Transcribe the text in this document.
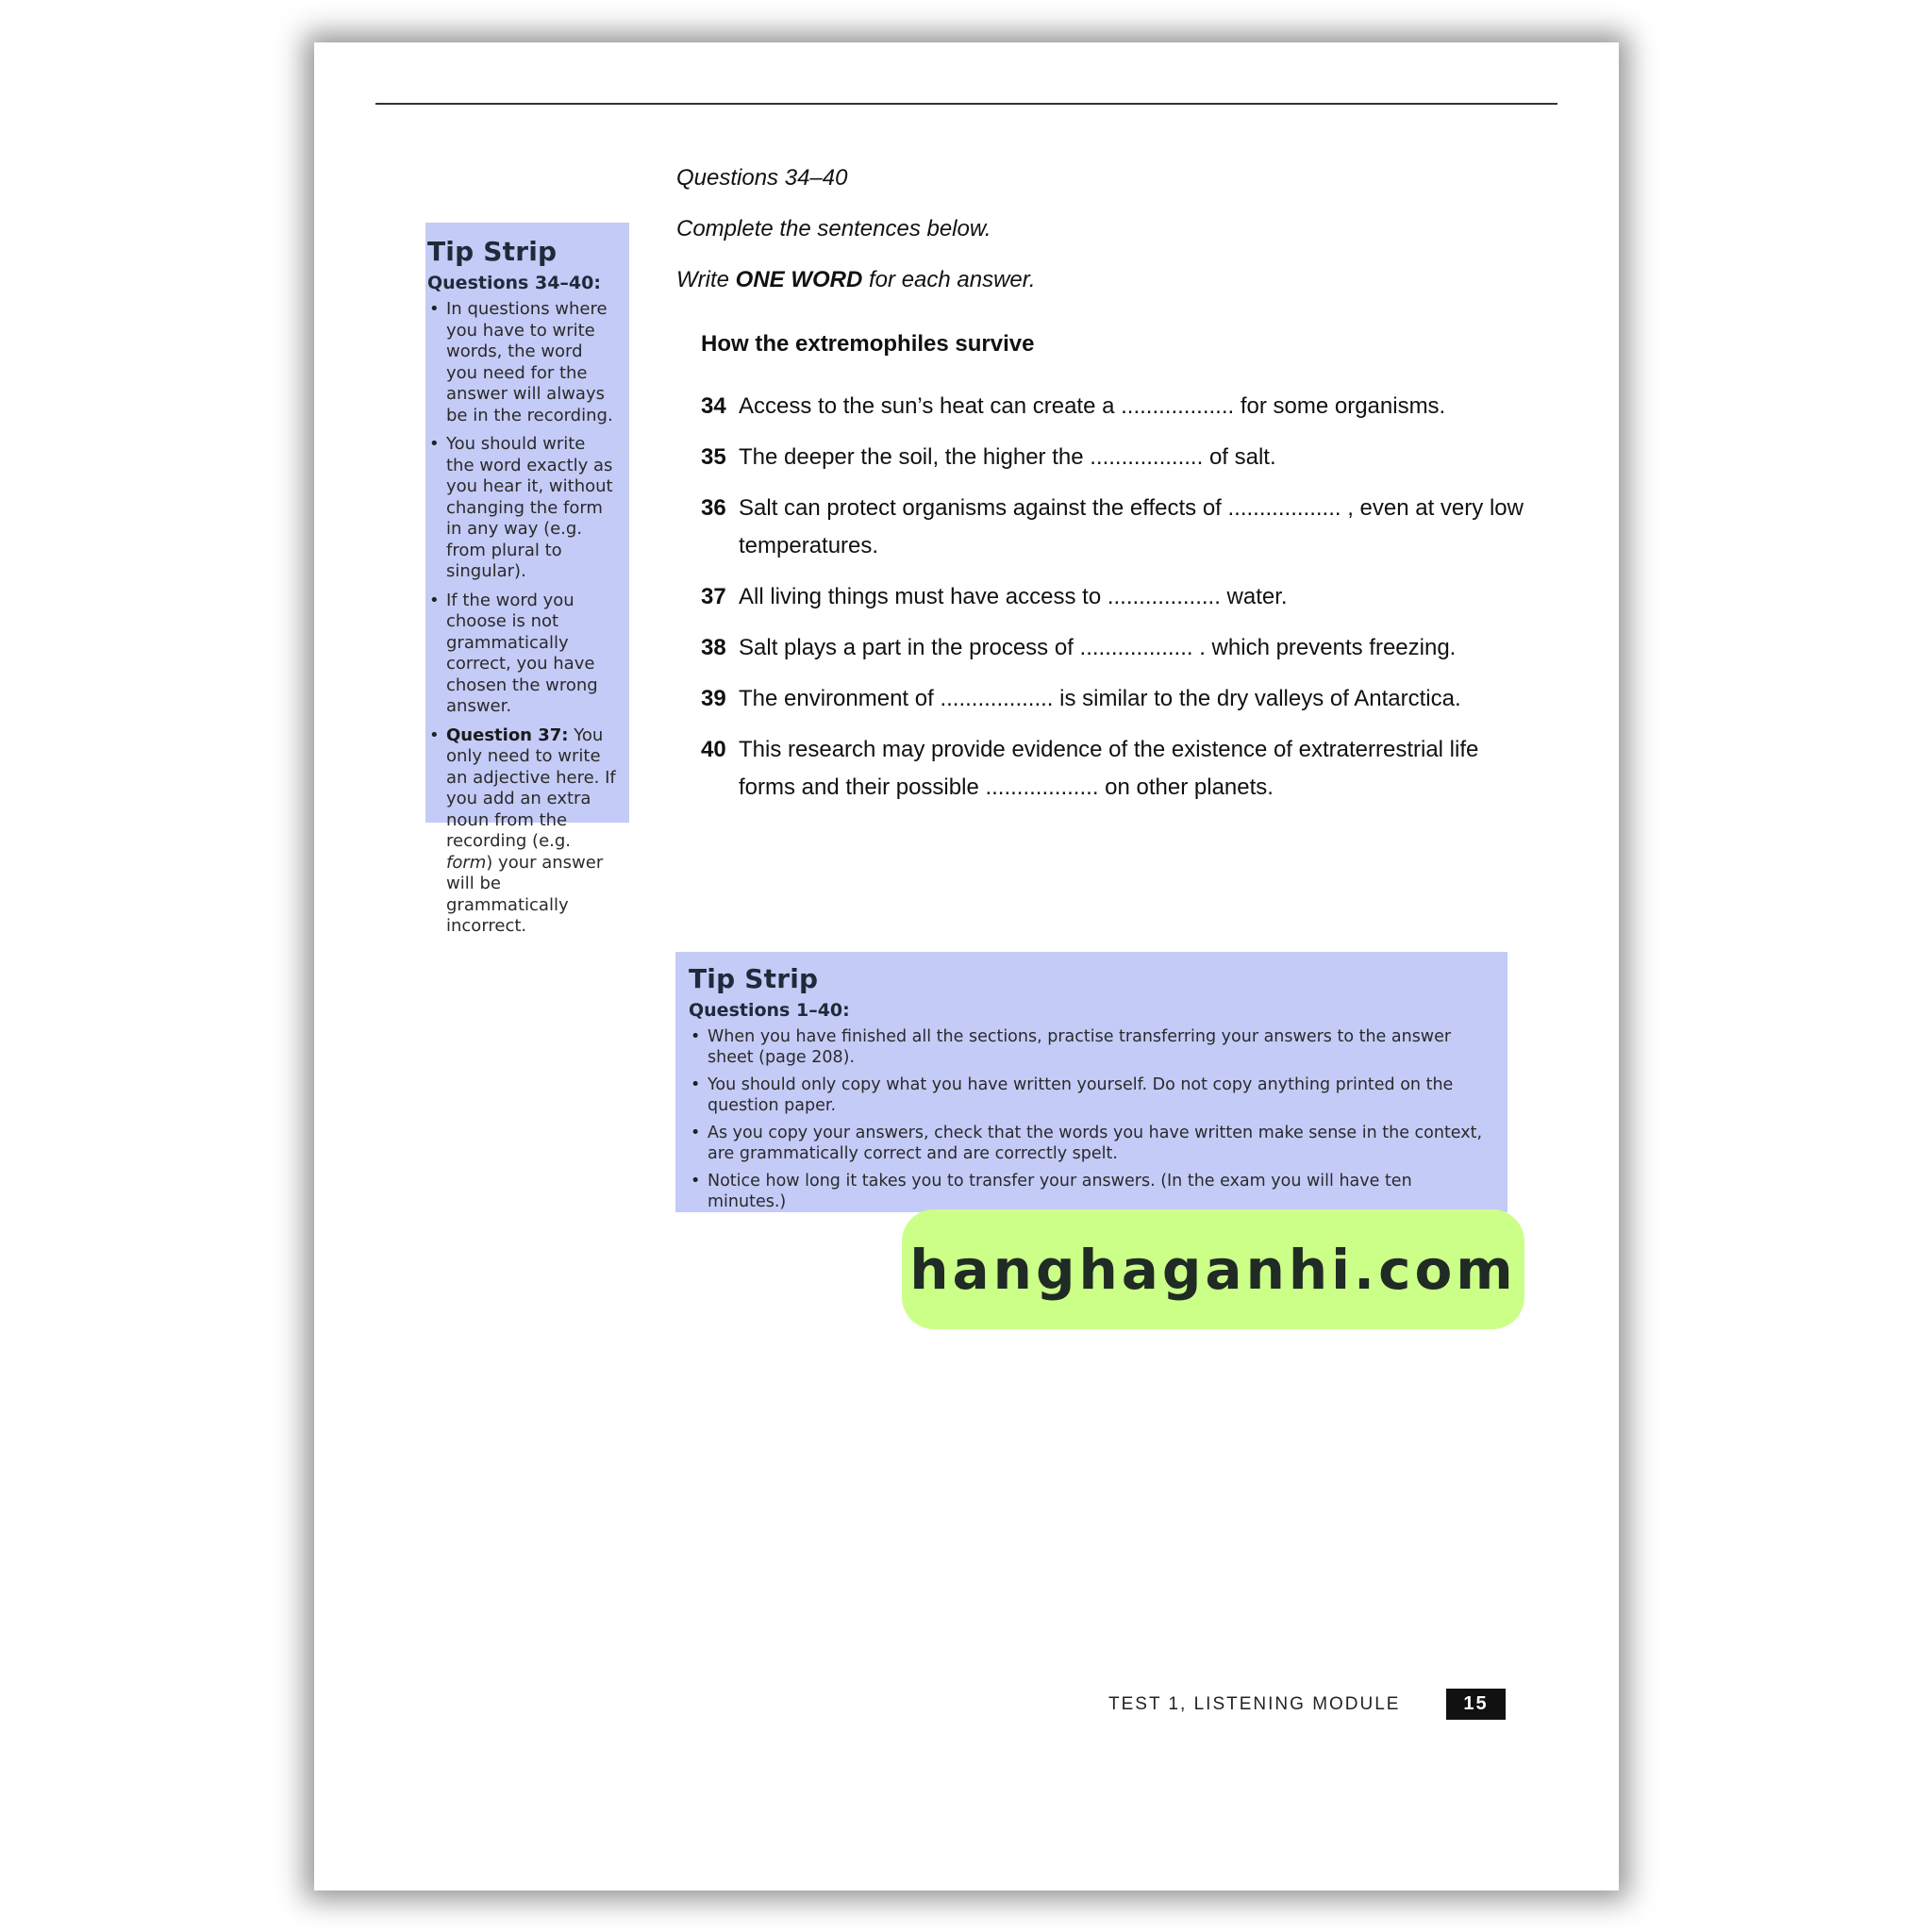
Questions 34–40
Complete the sentences below.
Write ONE WORD for each answer.
How the extremophiles survive
34 Access to the sun’s heat can create a .................. for some organisms.
35 The deeper the soil, the higher the .................. of salt.
36 Salt can protect organisms against the effects of .................. , even at very low temperatures.
37 All living things must have access to .................. water.
38 Salt plays a part in the process of .................. . which prevents freezing.
39 The environment of .................. is similar to the dry valleys of Antarctica.
40 This research may provide evidence of the existence of extraterrestrial life forms and their possible .................. on other planets.
Tip Strip
Questions 34–40:
• In questions where you have to write words, the word you need for the answer will always be in the recording.
• You should write the word exactly as you hear it, without changing the form in any way (e.g. from plural to singular).
• If the word you choose is not grammatically correct, you have chosen the wrong answer.
• Question 37: You only need to write an adjective here. If you add an extra noun from the recording (e.g. form) your answer will be grammatically incorrect.
Tip Strip
Questions 1–40:
• When you have finished all the sections, practise transferring your answers to the answer sheet (page 208).
• You should only copy what you have written yourself. Do not copy anything printed on the question paper.
• As you copy your answers, check that the words you have written make sense in the context, are grammatically correct and are correctly spelt.
• Notice how long it takes you to transfer your answers. (In the exam you will have ten minutes.)
hanghaganhi.com
TEST 1, LISTENING MODULE	15
